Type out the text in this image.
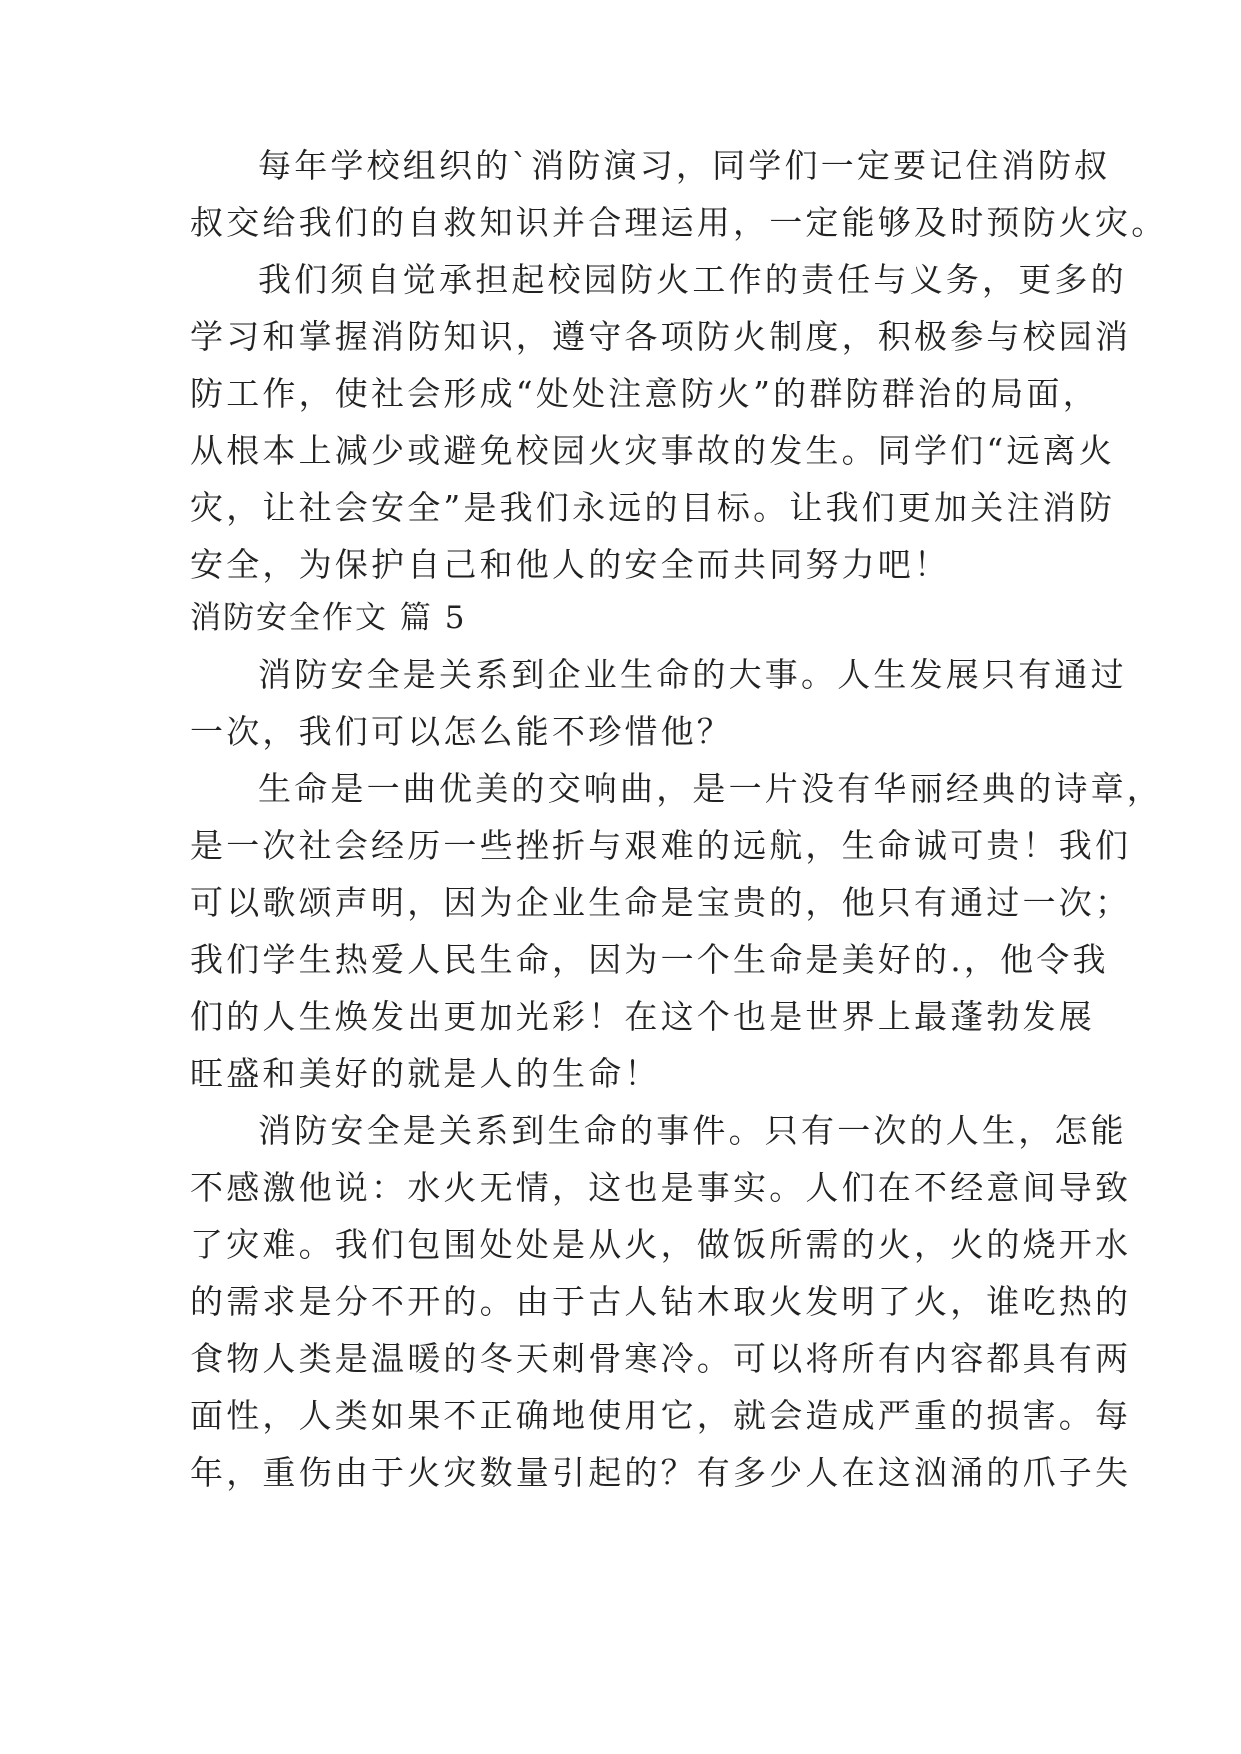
每年学校组织的`消防演习，同学们一定要记住消防叔
叔交给我们的自救知识并合理运用，一定能够及时预防火灾。
我们须自觉承担起校园防火工作的责任与义务，更多的
学习和掌握消防知识，遵守各项防火制度，积极参与校园消
防工作，使社会形成“处处注意防火”的群防群治的局面，
从根本上减少或避免校园火灾事故的发生。同学们“远离火
灾，让社会安全”是我们永远的目标。让我们更加关注消防
安全，为保护自己和他人的安全而共同努力吧！
消防安全作文 篇 5
消防安全是关系到企业生命的大事。人生发展只有通过
一次，我们可以怎么能不珍惜他？
生命是一曲优美的交响曲，是一片没有华丽经典的诗章，
是一次社会经历一些挫折与艰难的远航，生命诚可贵！我们
可以歌颂声明，因为企业生命是宝贵的，他只有通过一次；
我们学生热爱人民生命，因为一个生命是美好的.，他令我
们的人生焕发出更加光彩！在这个也是世界上最蓬勃发展
旺盛和美好的就是人的生命！
消防安全是关系到生命的事件。只有一次的人生，怎能
不感激他说：水火无情，这也是事实。人们在不经意间导致
了灾难。我们包围处处是从火，做饭所需的火，火的烧开水
的需求是分不开的。由于古人钻木取火发明了火，谁吃热的
食物人类是温暖的冬天刺骨寒冷。可以将所有内容都具有两
面性，人类如果不正确地使用它，就会造成严重的损害。每
年，重伤由于火灾数量引起的？有多少人在这汹涌的爪子失
